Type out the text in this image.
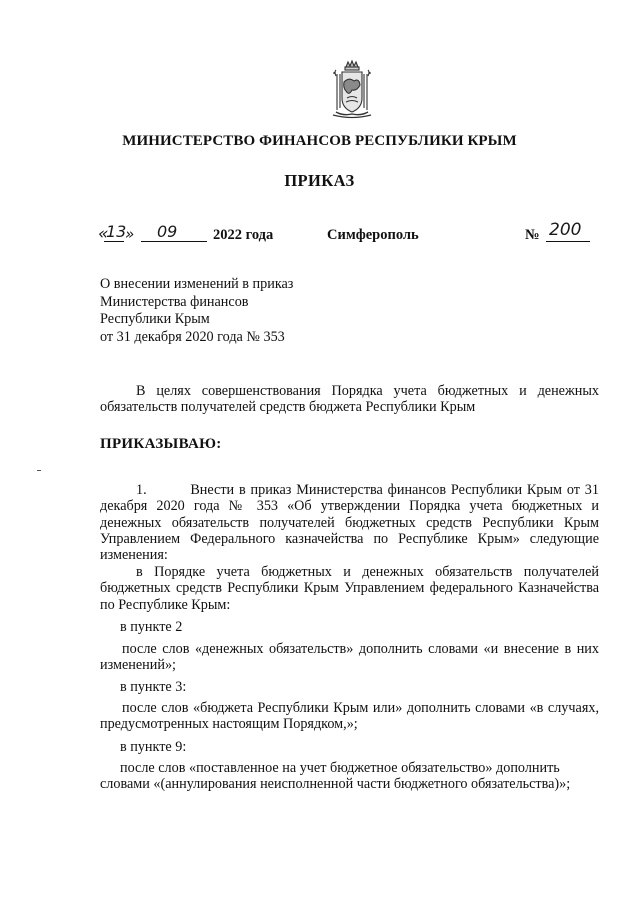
МИНИСТЕРСТВО ФИНАНСОВ РЕСПУБЛИКИ КРЫМ
ПРИКАЗ
«
13
» 09 2022 года	Симферополь	№ 200
О внесении изменений в приказ
Министерства финансов
Республики Крым
от 31 декабря 2020 года № 353
В целях совершенствования Порядка учета бюджетных и денежных обязательств получателей средств бюджета Республики Крым
ПРИКАЗЫВАЮ:
1.         Внести в приказ Министерства финансов Республики Крым от 31 декабря 2020 года № 353 «Об утверждении Порядка учета бюджетных и денежных обязательств получателей бюджетных средств Республики Крым Управлением Федерального казначейства по Республике Крым» следующие изменения:
в Порядке учета бюджетных и денежных обязательств получателей бюджетных средств Республики Крым Управлением федерального Казначейства по Республике Крым:
в пункте 2
после слов «денежных обязательств» дополнить словами «и внесение в них изменений»;
в пункте 3:
после слов «бюджета Республики Крым или» дополнить словами «в случаях, предусмотренных настоящим Порядком,»;
в пункте 9:
после слов «поставленное на учет бюджетное обязательство» дополнить
словами «(аннулирования неисполненной части бюджетного обязательства)»;
